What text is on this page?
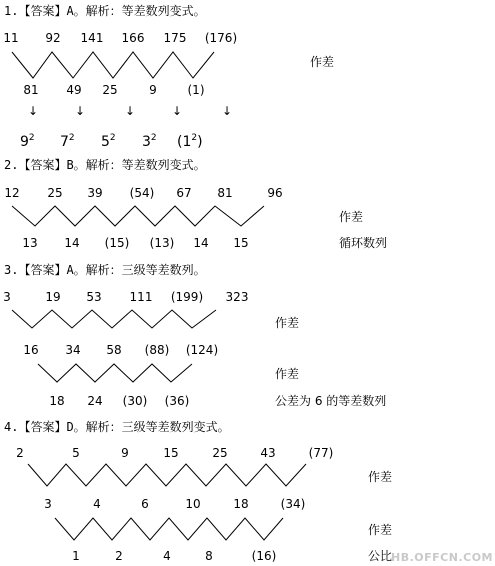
1.【答案】A。解析：等差数列变式。

11 92 141 166 175 (176)
81 49 25	9	(1)
作差
↓	↓	↓	↓	↓
$9^2$ $7^2$ $5^2$ $3^2$ $(1^2)$

2.【答案】B。解析：等差数列变式。

12 25 39 (54) 67 81	96
13 14 (15) (13) 14 15
作差
循环数列

3.【答案】A。解析：三级等差数列。

3	19 53 111 (199) 323
16 34 58 (88) (124)
18 24 (30) (36)
作差
作差
公差为 6 的等差数列

4.【答案】D。解析：三级等差数列变式。

2	5	9	15	25	43	(77)
3	4	6	10	18	(34)
1	2	4	8	(16)
作差
作差
公比 HB.OFFCN.COM
